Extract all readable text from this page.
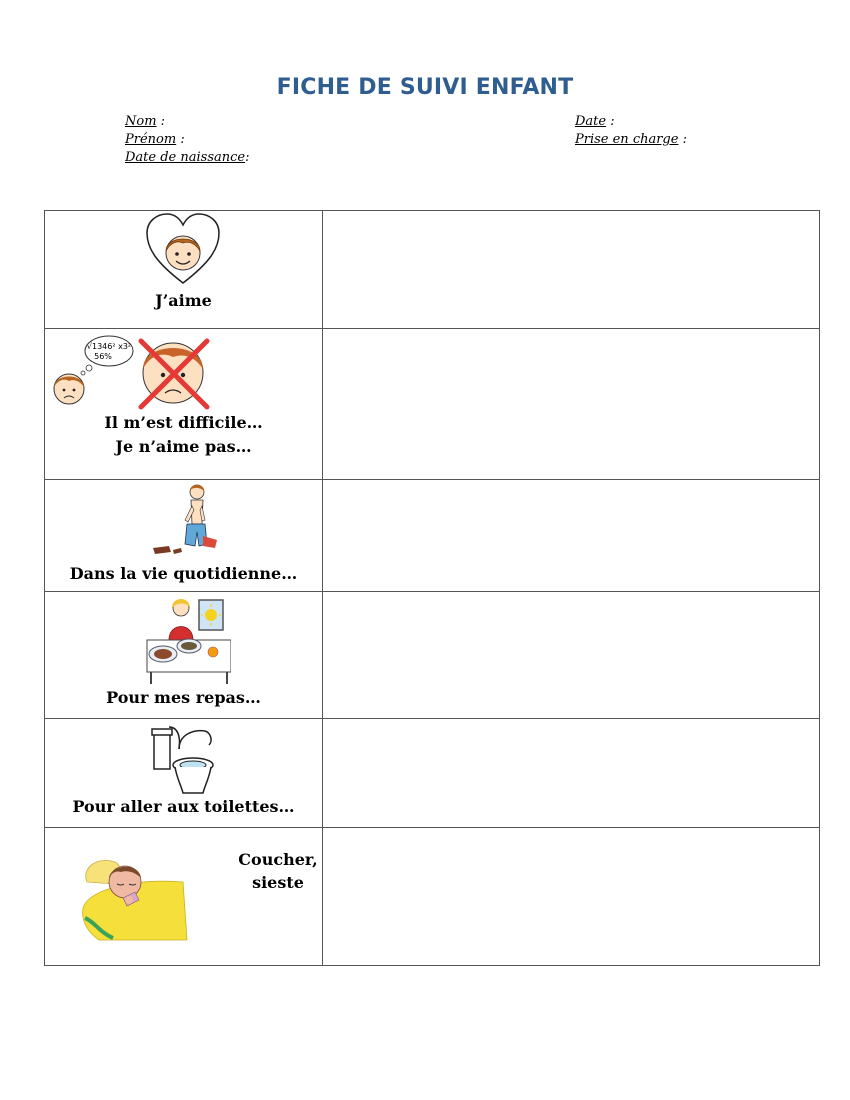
FICHE DE SUIVI ENFANT
Nom :
Prénom :
Date de naissance:
Date :
Prise en charge :
J’aime	

√1346² x3²
56%
Il m’est difficile…
Je n’aime pas…	

Dans la vie quotidienne…	

Pour mes repas…	

Pour aller aux toilettes…	

Coucher,
sieste	
